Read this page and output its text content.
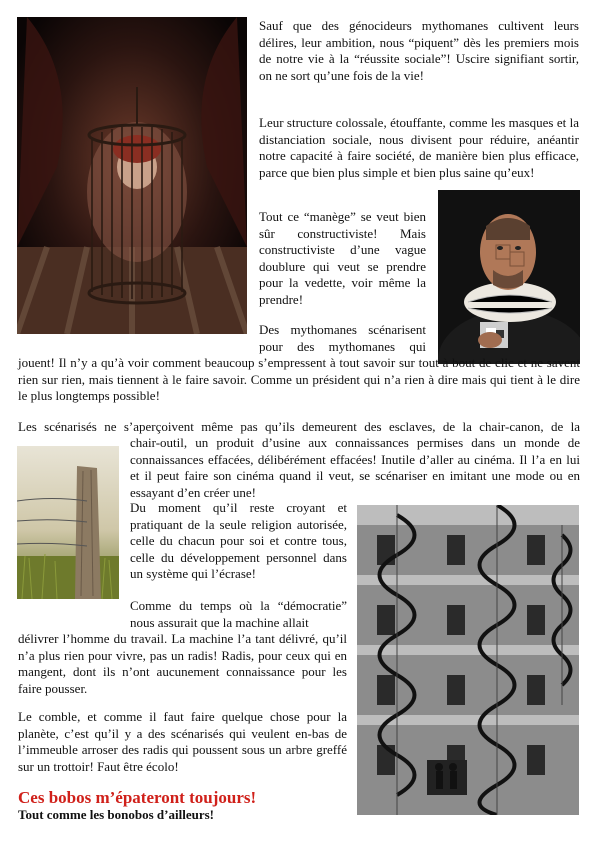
Sauf que des génocideurs mythomanes cultivent leurs délires, leur ambition, nous “piquent” dès les premiers mois de notre vie à la “réussite sociale”! Uscire signifiant sortir, on ne sort qu’une fois de la vie!

Leur structure colossale, étouffante, comme les masques et la distanciation sociale, nous divisent pour réduire, anéantir notre capacité à faire société, de manière bien plus efficace, parce que bien plus simple et bien plus saine qu’eux!

Tout ce “manège” se veut bien sûr constructiviste! Mais constructiviste d’une vague doublure qui veut se prendre pour la vedette, voir même la prendre!

Des mythomanes scénarisent pour des mythomanes qui

jouent! Il n’y a qu’à voir comment beaucoup s’empressent à tout savoir sur tout à bout de clic et ne savent rien sur rien, mais tiennent à le faire savoir. Comme un président qui n’a rien à dire mais qui tient à le dire le plus longtemps possible!

Les scénarisés ne s’aperçoivent même pas qu’ils demeurent des esclaves, de la chair-canon, de la

chair-outil, un produit d’usine aux connaissances permises dans un monde de connaissances effacées, délibérément effacées! Inutile d’aller au cinéma. Il l’a en lui et il peut faire son cinéma quand il veut, se scénariser en imitant une mode ou en essayant d’en créer une!

Du moment qu’il reste croyant et pratiquant de la seule religion autorisée, celle du chacun pour soi et contre tous, celle du développement personnel dans un système qui l’écrase!

Comme du temps où la “démocratie” nous assurait que la machine allait

délivrer l’homme du travail. La machine l’a tant délivré, qu’il n’a plus rien pour vivre, pas un radis! Radis, pour ceux qui en mangent, dont ils n’ont aucunement connaissance pour les faire pousser.

Le comble, et comme il faut faire quelque chose pour la planète, c’est qu’il y a des scénarisés qui veulent en-bas de l’immeuble arroser des radis qui poussent sous un arbre greffé sur un trottoir! Faut être écolo!

Ces bobos m’épateront toujours!
Tout comme les bonobos d’ailleurs!
